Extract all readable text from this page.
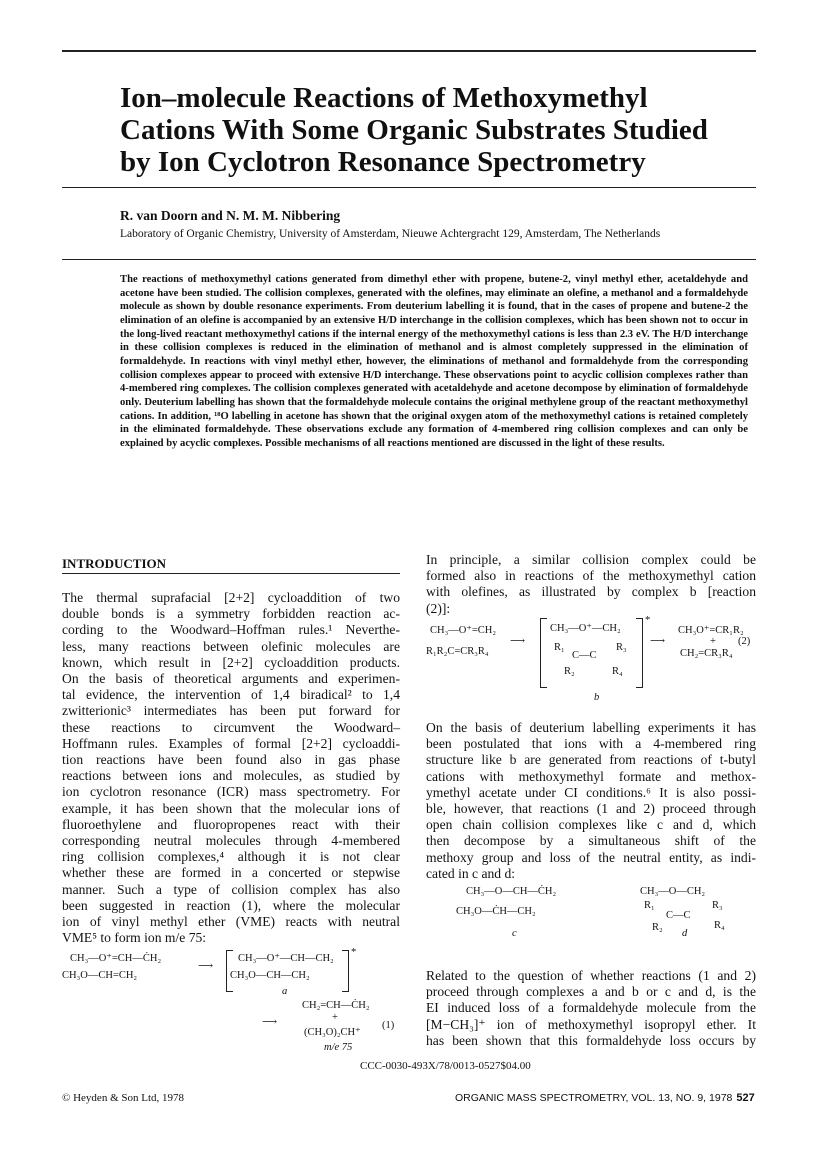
Ion–molecule Reactions of Methoxymethyl
Cations With Some Organic Substrates Studied
by Ion Cyclotron Resonance Spectrometry
R. van Doorn and N. M. M. Nibbering
Laboratory of Organic Chemistry, University of Amsterdam, Nieuwe Achtergracht 129, Amsterdam, The Netherlands

The reactions of methoxymethyl cations generated from dimethyl ether with propene, butene-2, vinyl methyl ether, acetaldehyde and acetone have been studied. The collision complexes, generated with the olefines, may eliminate an olefine, a methanol and a formaldehyde molecule as shown by double resonance experiments. From deuterium labelling it is found, that in the cases of propene and butene-2 the elimination of an olefine is accompanied by an extensive H/D interchange in the collision complexes, which has been shown not to occur in the long-lived reactant methoxymethyl cations if the internal energy of the methoxymethyl cations is less than 2.3 eV. The H/D interchange in these collision complexes is reduced in the elimination of methanol and is almost completely suppressed in the elimination of formaldehyde. In reactions with vinyl methyl ether, however, the eliminations of methanol and formaldehyde from the corresponding collision complexes appear to proceed with extensive H/D interchange. These observations point to acyclic collision complexes rather than 4-membered ring complexes. The collision complexes generated with acetaldehyde and acetone decompose by elimination of formaldehyde only. Deuterium labelling has shown that the formaldehyde molecule contains the original methylene group of the reactant methoxymethyl cations. In addition, ¹⁸O labelling in acetone has shown that the original oxygen atom of the methoxymethyl cations is retained completely in the eliminated formaldehyde. These observations exclude any formation of 4-membered ring collision complexes and can only be explained by acyclic complexes. Possible mechanisms of all reactions mentioned are discussed in the light of these results.

INTRODUCTION
The thermal suprafacial [2+2] cycloaddition of two
double bonds is a symmetry forbidden reaction ac-
cording to the Woodward–Hoffman rules.¹ Neverthe-
less, many reactions between olefinic molecules are
known, which result in [2+2] cycloaddition products.
On the basis of theoretical arguments and experimen-
tal evidence, the intervention of 1,4 biradical² to 1,4
zwitterionic³ intermediates has been put forward for
these reactions to circumvent the Woodward–
Hoffmann rules. Examples of formal [2+2] cycloaddi-
tion reactions have been found also in gas phase
reactions between ions and molecules, as studied by
ion cyclotron resonance (ICR) mass spectrometry. For
example, it has been shown that the molecular ions of
fluoroethylene and fluoropropenes react with their
corresponding neutral molecules through 4-membered
ring collision complexes,⁴ although it is not clear
whether these are formed in a concerted or stepwise
manner. Such a type of collision complex has also
been suggested in reaction (1), where the molecular
ion of vinyl methyl ether (VME) reacts with neutral
VME⁵ to form ion m/e 75:
CH₃—O⁺=CH—ĊH₂
CH₃O—CH=CH₂
⟶
CH₃—O⁺—CH—CH₂
CH₃O—CH—CH₂
*
a
⟶
CH₂=CH—ĊH₂
+
(CH₃O)₂CH⁺
m/e 75
(1)
In principle, a similar collision complex could be
formed also in reactions of the methoxymethyl cation
with olefines, as illustrated by complex b [reaction
(2)]:
CH₃—O⁺=CH₂
R₁R₂C=CR₃R₄
⟶
CH₃—O⁺—CH₂
R₁
C—C
R₃
R₂	R₄
*
b
⟶
CH₃O⁺=CR₁R₂
+
CH₂=CR₃R₄
(2)
On the basis of deuterium labelling experiments it has
been postulated that ions with a 4-membered ring
structure like b are generated from reactions of t-butyl
cations with methoxymethyl formate and methox-
ymethyl acetate under CI conditions.⁶ It is also possi-
ble, however, that reactions (1 and 2) proceed through
open chain collision complexes like c and d, which
then decompose by a simultaneous shift of the
methoxy group and loss of the neutral entity, as indi-
cated in c and d:
CH₃—O—CH—ĊH₂
CH₃O—ĊH—CH₂
c
CH₃—O—CH₂
R₁
C—C
R₃
R₂	R₄
d
Related to the question of whether reactions (1 and 2)
proceed through complexes a and b or c and d, is the
EI induced loss of a formaldehyde molecule from the
[M−CH₃]⁺ ion of methoxymethyl isopropyl ether. It
has been shown that this formaldehyde loss occurs by
CCC-0030-493X/78/0013-0527$04.00
© Heyden & Son Ltd, 1978	ORGANIC MASS SPECTROMETRY, VOL. 13, NO. 9, 1978 527
